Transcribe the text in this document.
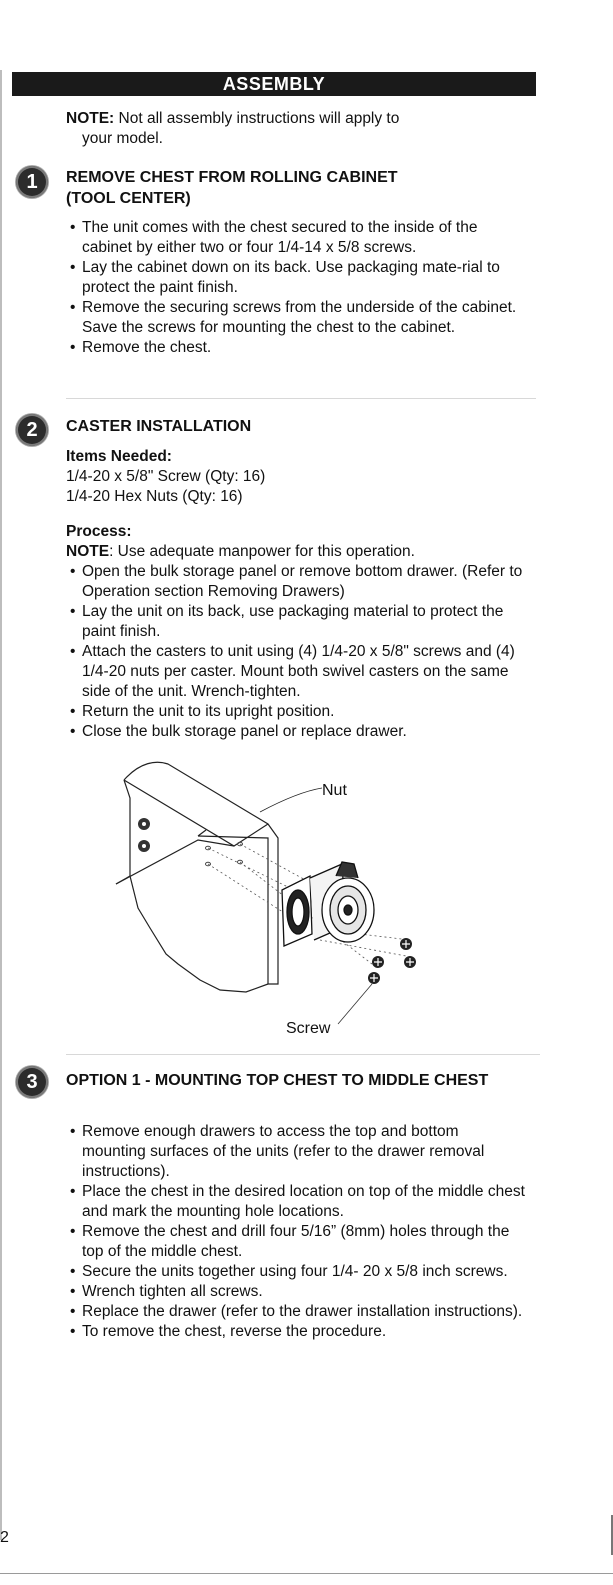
ASSEMBLY
NOTE: Not all assembly instructions will apply to
your model.
1	REMOVE CHEST FROM ROLLING CABINET
(TOOL CENTER)
• The unit comes with the chest secured to the inside of the cabinet by either two or four 1/4-14 x 5/8 screws.
• Lay the cabinet down on its back. Use packaging mate-rial to protect the paint finish.
• Remove the securing screws from the underside of the cabinet. Save the screws for mounting the chest to the cabinet.
• Remove the chest.
2	CASTER INSTALLATION
Items Needed:
1/4-20 x 5/8" Screw (Qty: 16)
1/4-20 Hex Nuts (Qty: 16)
Process:
NOTE: Use adequate manpower for this operation.
• Open the bulk storage panel or remove bottom drawer. (Refer to Operation section Removing Drawers)
• Lay the unit on its back, use packaging material to protect the paint finish.
• Attach the casters to unit using (4) 1/4-20 x 5/8" screws and (4) 1/4-20 nuts per caster. Mount both swivel casters on the same side of the unit. Wrench-tighten.
• Return the unit to its upright position.
• Close the bulk storage panel or replace drawer.
Nut
Screw
3	OPTION 1 - MOUNTING TOP CHEST TO MIDDLE CHEST
• Remove enough drawers to access the top and bottom mounting surfaces of the units (refer to the drawer removal instructions).
• Place the chest in the desired location on top of the middle chest and mark the mounting hole locations.
• Remove the chest and drill four 5/16” (8mm) holes through the top of the middle chest.
• Secure the units together using four 1/4- 20 x 5/8 inch screws.
• Wrench tighten all screws.
• Replace the drawer (refer to the drawer installation instructions).
• To remove the chest, reverse the procedure.
2
